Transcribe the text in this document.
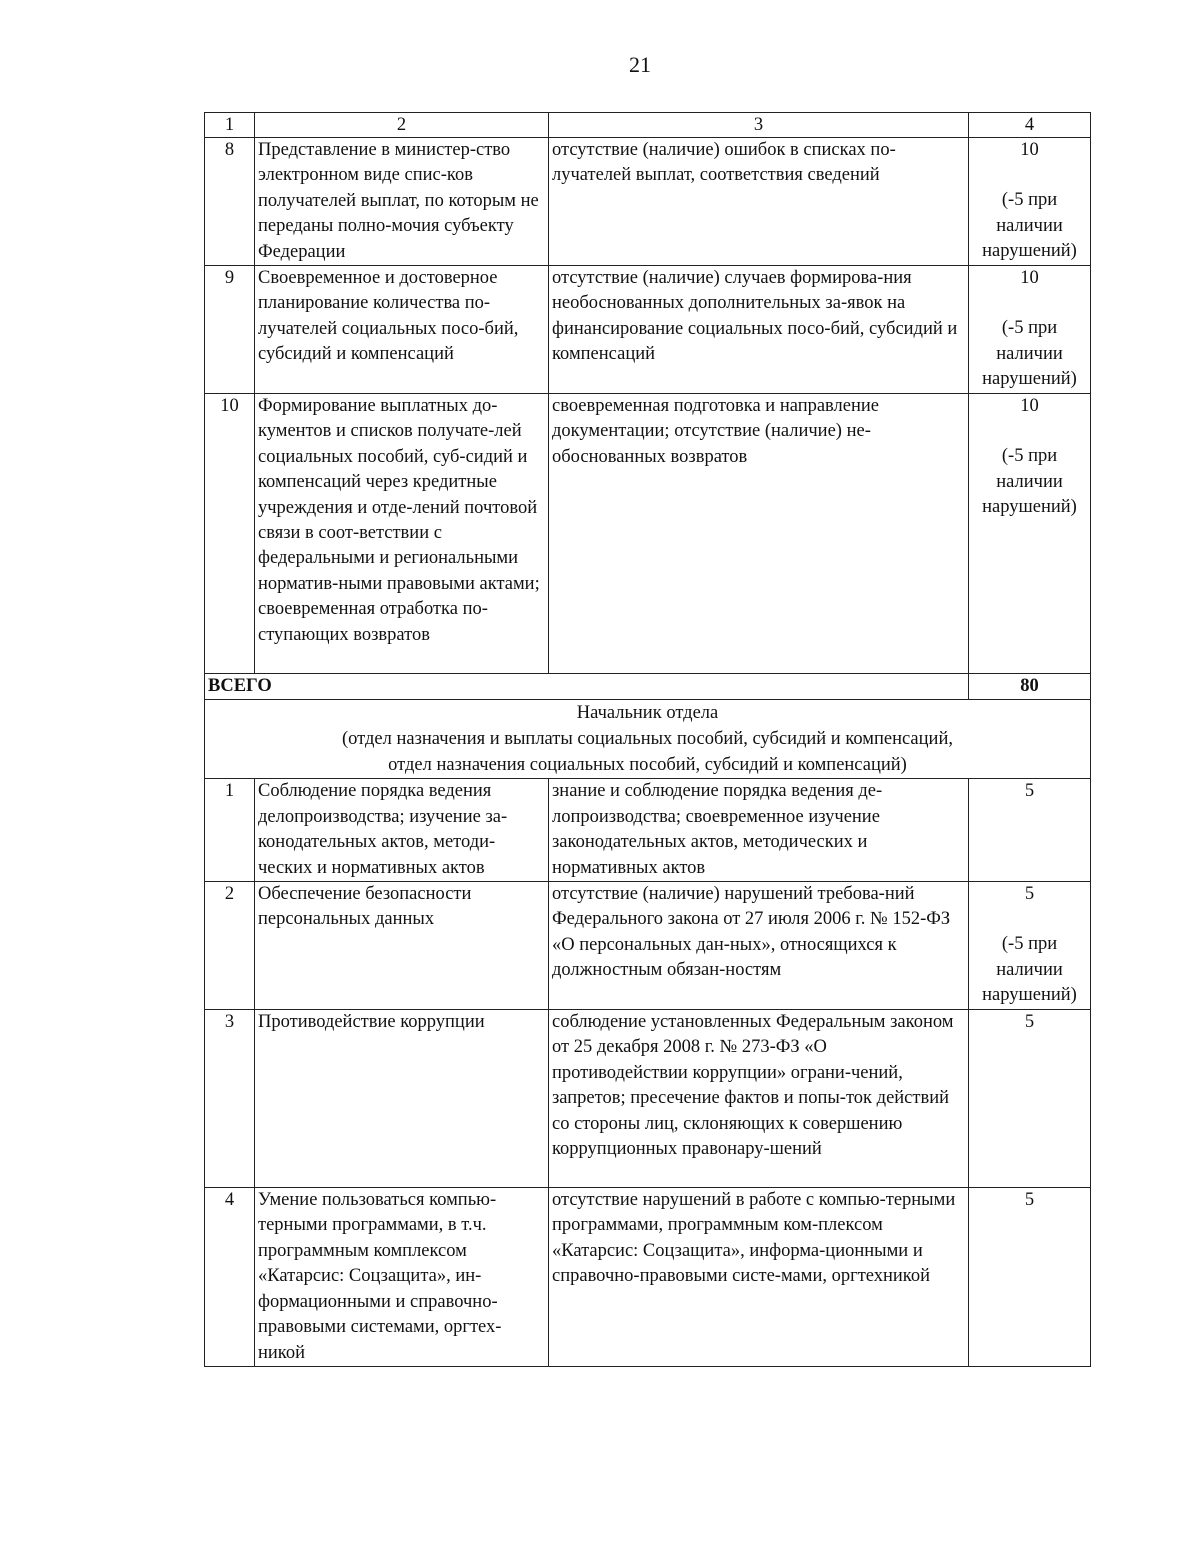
21
1	2	3	4
8	Представление в министер-ство электронном виде спис-ков получателей выплат, по которым не переданы полно-мочия субъекту Федерации	отсутствие (наличие) ошибок в списках по-лучателей выплат, соответствия сведений	10
(-5 при наличии нарушений)
9	Своевременное и достоверное планирование количества по-лучателей социальных посо-бий, субсидий и компенсаций	отсутствие (наличие) случаев формирова-ния необоснованных дополнительных за-явок на финансирование социальных посо-бий, субсидий и компенсаций	10
(-5 при наличии нарушений)
10	Формирование выплатных до-кументов и списков получате-лей социальных пособий, суб-сидий и компенсаций через кредитные учреждения и отде-лений почтовой связи в соот-ветствии с федеральными и региональными норматив-ными правовыми актами; своевременная отработка по-ступающих возвратов	своевременная подготовка и направление документации; отсутствие (наличие) не-обоснованных возвратов	10
(-5 при наличии нарушений)
ВСЕГО			80

Начальник отдела
(отдел назначения и выплаты социальных пособий, субсидий и компенсаций,
отдел назначения социальных пособий, субсидий и компенсаций)			

1	Соблюдение порядка ведения делопроизводства; изучение за-конодательных актов, методи-ческих и нормативных актов	знание и соблюдение порядка ведения де-лопроизводства; своевременное изучение законодательных актов, методических и нормативных актов	5
2	Обеспечение безопасности персональных данных	отсутствие (наличие) нарушений требова-ний Федерального закона от 27 июля 2006 г. № 152-ФЗ «О персональных дан-ных», относящихся к должностным обязан-ностям	5
(-5 при наличии нарушений)
3	Противодействие коррупции	соблюдение установленных Федеральным законом от 25 декабря 2008 г. № 273-ФЗ «О противодействии коррупции» ограни-чений, запретов; пресечение фактов и попы-ток действий со стороны лиц, склоняющих к совершению коррупционных правонару-шений	5
4	Умение пользоваться компью-терными программами, в т.ч. программным комплексом «Катарсис: Соцзащита», ин-формационными и справочно-правовыми системами, оргтех-никой	отсутствие нарушений в работе с компью-терными программами, программным ком-плексом «Катарсис: Соцзащита», информа-ционными и справочно-правовыми систе-мами, оргтехникой	5
